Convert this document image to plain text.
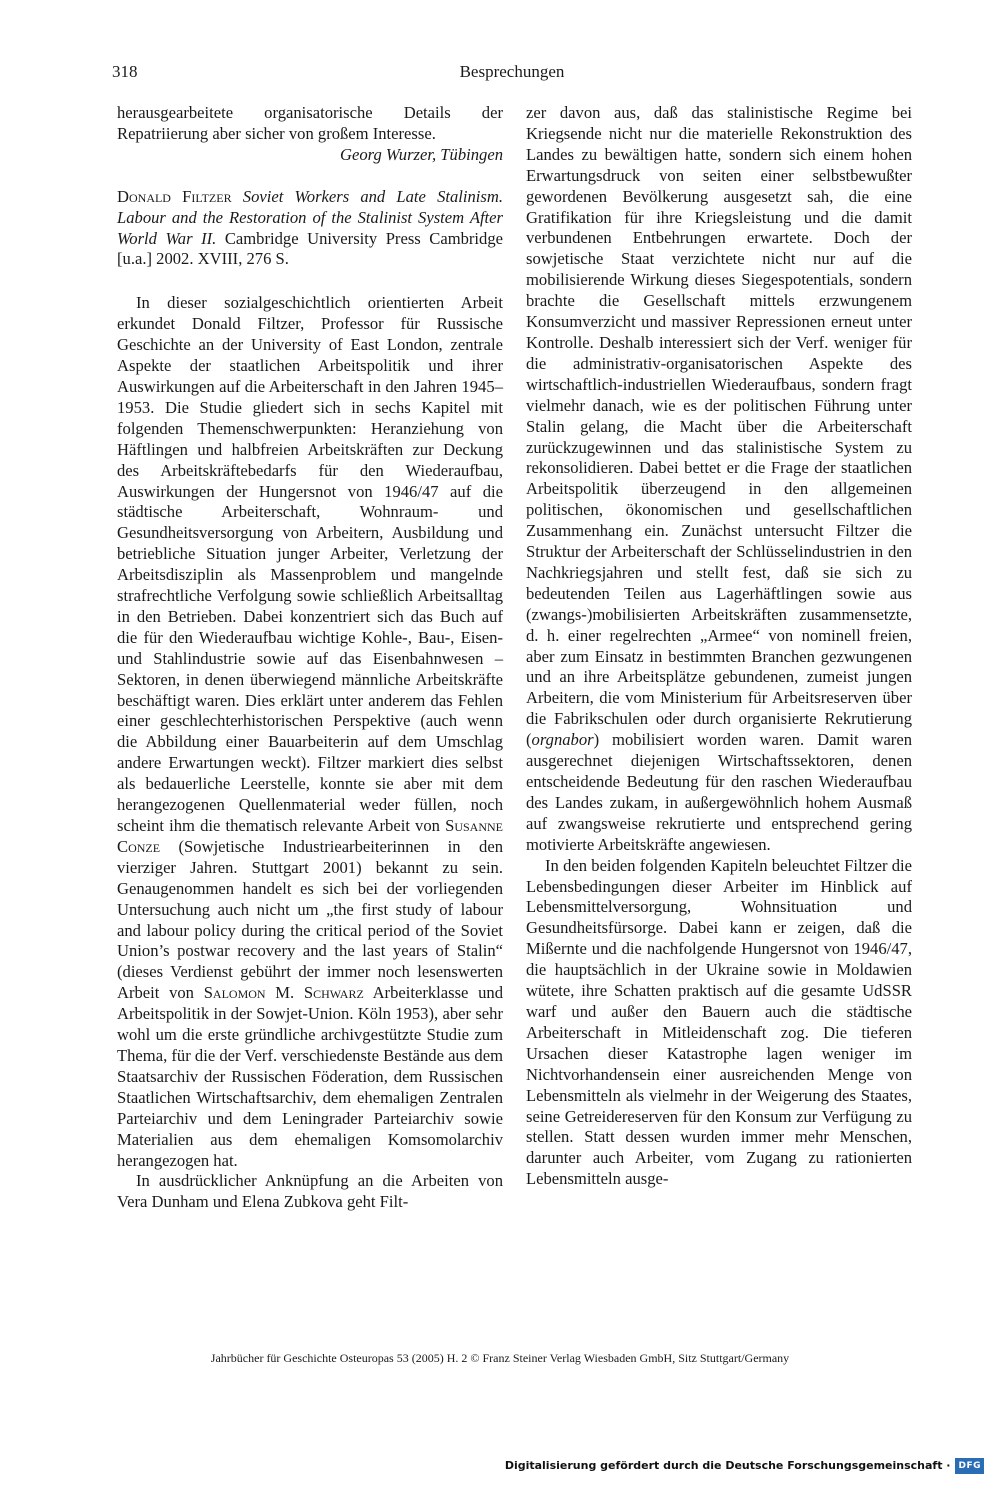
318	Besprechungen

herausgearbeitete organisatorische Details der Repatriierung aber sicher von großem Interesse.

Georg Wurzer, Tübingen

Donald Filtzer Soviet Workers and Late Stalinism. Labour and the Restoration of the Stalinist System After World War II. Cambridge University Press Cambridge [u.a.] 2002. XVIII, 276 S.

In dieser sozialgeschichtlich orientierten Arbeit erkundet Donald Filtzer, Professor für Russische Geschichte an der University of East London, zentrale Aspekte der staatlichen Arbeitspolitik und ihrer Auswirkungen auf die Arbeiterschaft in den Jahren 1945–1953. Die Studie gliedert sich in sechs Kapitel mit folgenden Themenschwerpunkten: Heranziehung von Häftlingen und halbfreien Arbeitskräften zur Deckung des Arbeitskräftebedarfs für den Wiederaufbau, Auswirkungen der Hungersnot von 1946/47 auf die städtische Arbeiterschaft, Wohnraum- und Gesundheitsversorgung von Arbeitern, Ausbildung und betriebliche Situation junger Arbeiter, Verletzung der Arbeitsdisziplin als Massenproblem und mangelnde strafrechtliche Verfolgung sowie schließlich Arbeitsalltag in den Betrieben. Dabei konzentriert sich das Buch auf die für den Wiederaufbau wichtige Kohle-, Bau-, Eisen- und Stahlindustrie sowie auf das Eisenbahnwesen – Sektoren, in denen überwiegend männliche Arbeitskräfte beschäftigt waren. Dies erklärt unter anderem das Fehlen einer geschlechterhistorischen Perspektive (auch wenn die Abbildung einer Bauarbeiterin auf dem Umschlag andere Erwartungen weckt). Filtzer markiert dies selbst als bedauerliche Leerstelle, konnte sie aber mit dem herangezogenen Quellenmaterial weder füllen, noch scheint ihm die thematisch relevante Arbeit von Susanne Conze (Sowjetische Industriearbeiterinnen in den vierziger Jahren. Stuttgart 2001) bekannt zu sein. Genaugenommen handelt es sich bei der vorliegenden Untersuchung auch nicht um „the first study of labour and labour policy during the critical period of the Soviet Union’s postwar recovery and the last years of Stalin“ (dieses Verdienst gebührt der immer noch lesenswerten Arbeit von Salomon M. Schwarz Arbeiterklasse und Arbeitspolitik in der Sowjet-Union. Köln 1953), aber sehr wohl um die erste gründliche archivgestützte Studie zum Thema, für die der Verf. verschiedenste Bestände aus dem Staatsarchiv der Russischen Föderation, dem Russischen Staatlichen Wirtschaftsarchiv, dem ehemaligen Zentralen Parteiarchiv und dem Leningrader Parteiarchiv sowie Materialien aus dem ehemaligen Komsomolarchiv herangezogen hat.

In ausdrücklicher Anknüpfung an die Arbeiten von Vera Dunham und Elena Zubkova geht Filt-

zer davon aus, daß das stalinistische Regime bei Kriegsende nicht nur die materielle Rekonstruktion des Landes zu bewältigen hatte, sondern sich einem hohen Erwartungsdruck von seiten einer selbstbewußter gewordenen Bevölkerung ausgesetzt sah, die eine Gratifikation für ihre Kriegsleistung und die damit verbundenen Entbehrungen erwartete. Doch der sowjetische Staat verzichtete nicht nur auf die mobilisierende Wirkung dieses Siegespotentials, sondern brachte die Gesellschaft mittels erzwungenem Konsumverzicht und massiver Repressionen erneut unter Kontrolle. Deshalb interessiert sich der Verf. weniger für die administrativ-organisatorischen Aspekte des wirtschaftlich-industriellen Wiederaufbaus, sondern fragt vielmehr danach, wie es der politischen Führung unter Stalin gelang, die Macht über die Arbeiterschaft zurückzugewinnen und das stalinistische System zu rekonsolidieren. Dabei bettet er die Frage der staatlichen Arbeitspolitik überzeugend in den allgemeinen politischen, ökonomischen und gesellschaftlichen Zusammenhang ein. Zunächst untersucht Filtzer die Struktur der Arbeiterschaft der Schlüsselindustrien in den Nachkriegsjahren und stellt fest, daß sie sich zu bedeutenden Teilen aus Lagerhäftlingen sowie aus (zwangs-)mobilisierten Arbeitskräften zusammensetzte, d. h. einer regelrechten „Armee“ von nominell freien, aber zum Einsatz in bestimmten Branchen gezwungenen und an ihre Arbeitsplätze gebundenen, zumeist jungen Arbeitern, die vom Ministerium für Arbeitsreserven über die Fabrikschulen oder durch organisierte Rekrutierung (orgnabor) mobilisiert worden waren. Damit waren ausgerechnet diejenigen Wirtschaftssektoren, denen entscheidende Bedeutung für den raschen Wiederaufbau des Landes zukam, in außergewöhnlich hohem Ausmaß auf zwangsweise rekrutierte und entsprechend gering motivierte Arbeitskräfte angewiesen.

In den beiden folgenden Kapiteln beleuchtet Filtzer die Lebensbedingungen dieser Arbeiter im Hinblick auf Lebensmittelversorgung, Wohnsituation und Gesundheitsfürsorge. Dabei kann er zeigen, daß die Mißernte und die nachfolgende Hungersnot von 1946/47, die hauptsächlich in der Ukraine sowie in Moldawien wütete, ihre Schatten praktisch auf die gesamte UdSSR warf und außer den Bauern auch die städtische Arbeiterschaft in Mitleidenschaft zog. Die tieferen Ursachen dieser Katastrophe lagen weniger im Nichtvorhandensein einer ausreichenden Menge von Lebensmitteln als vielmehr in der Weigerung des Staates, seine Getreidereserven für den Konsum zur Verfügung zu stellen. Statt dessen wurden immer mehr Menschen, darunter auch Arbeiter, vom Zugang zu rationierten Lebensmitteln ausge-

Jahrbücher für Geschichte Osteuropas 53 (2005) H. 2 © Franz Steiner Verlag Wiesbaden GmbH, Sitz Stuttgart/Germany
Digitalisierung gefördert durch die Deutsche Forschungsgemeinschaft · DFG
